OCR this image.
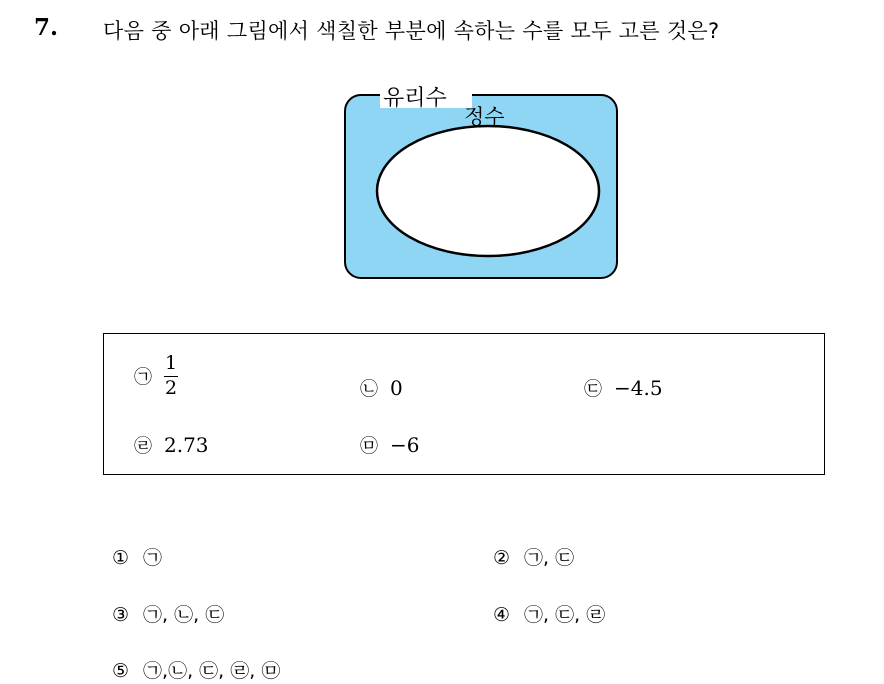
7. 다음 중 아래 그림에서 색칠한 부분에 속하는 수를 모두 고른 것은?
유리수
정수
㉠ $\frac{1}{2}$	㉡ 0	㉢ −4.5
㉣ 2.73	㉤ −6
① ㉠	② ㉠, ㉢
③ ㉠, ㉡, ㉢	④ ㉠, ㉢, ㉣
⑤ ㉠,㉡, ㉢, ㉣, ㉤
